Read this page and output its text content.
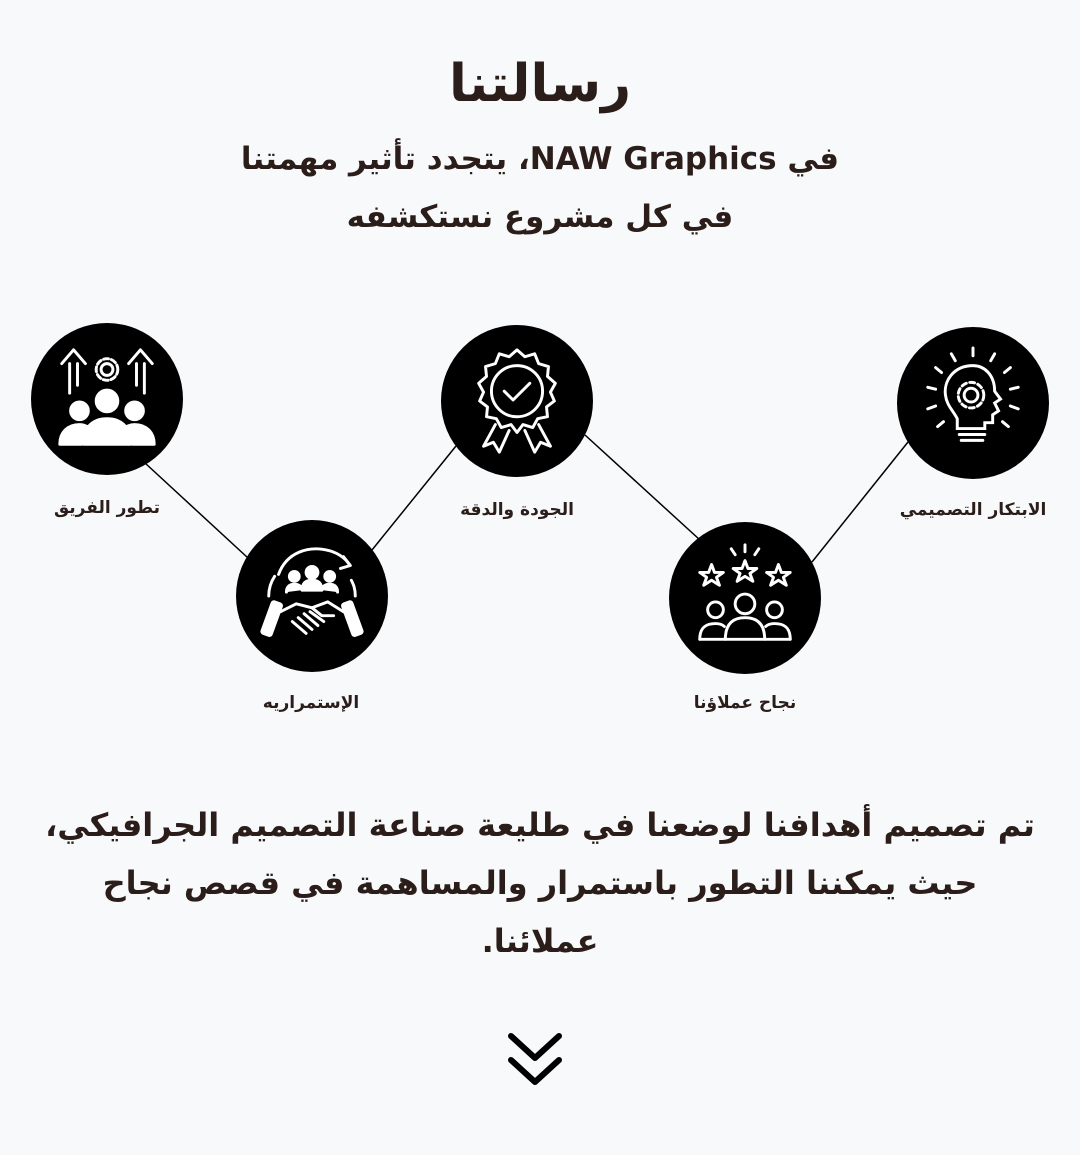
رسالتنا
في NAW Graphics، يتجدد تأثير مهمتنا
في كل مشروع نستكشفه
الابتكار التصميمي
نجاح عملاؤنا
الجودة والدقة
الإستمراريه
تطور الفريق
تم تصميم أهدافنا لوضعنا في طليعة صناعة التصميم الجرافيكي،
حيث يمكننا التطور باستمرار والمساهمة في قصص نجاح عملائنا.
